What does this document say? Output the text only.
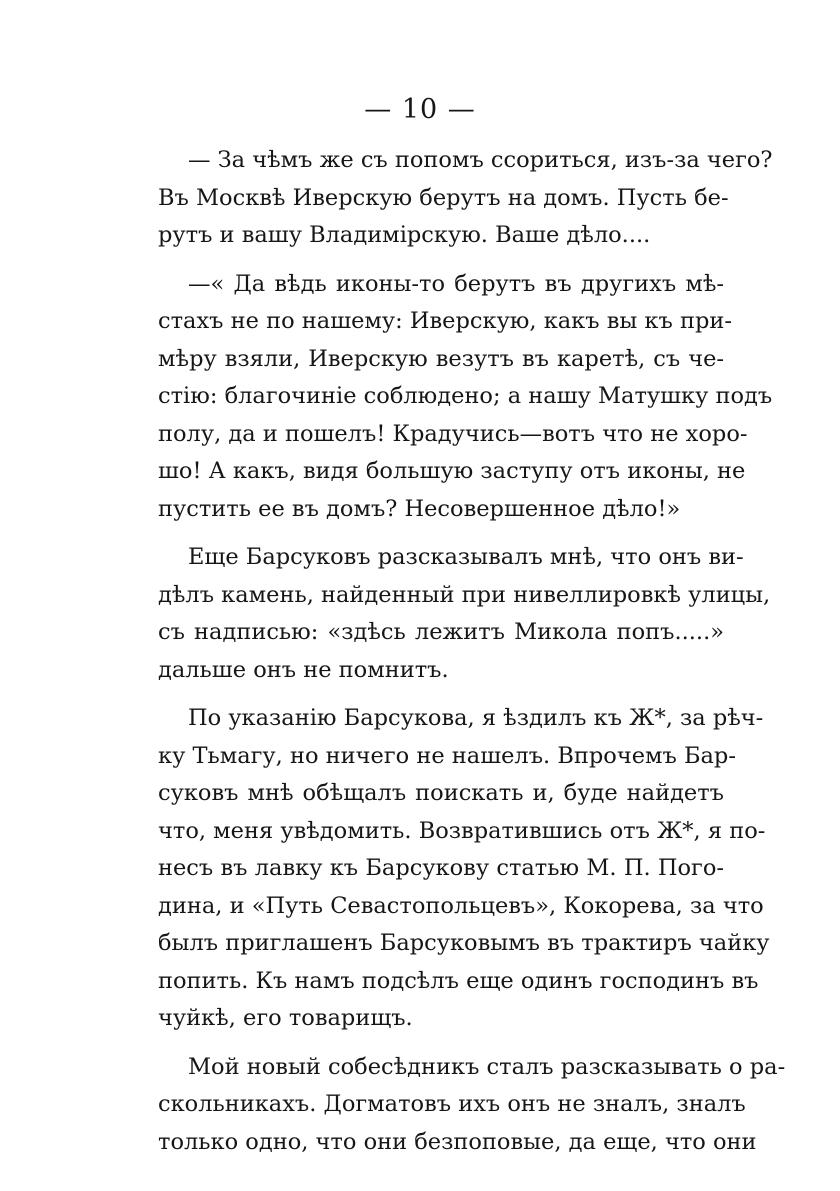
— 10 —
— За чѣмъ же съ попомъ ссориться, изъ-за чего?
Въ Москвѣ Иверскую берутъ на домъ. Пусть бе-
рутъ и вашу Владимірскую. Ваше дѣло....
—« Да вѣдь иконы-то берутъ въ другихъ мѣ-
стахъ не по нашему: Иверскую, какъ вы къ при-
мѣру взяли, Иверскую везутъ въ каретѣ, съ че-
стію: благочиніе соблюдено; а нашу Матушку подъ
полу, да и пошелъ! Крадучись—вотъ что не хоро-
шо! А какъ, видя большую заступу отъ иконы, не
пустить ее въ домъ? Несовершенное дѣло!»
Еще Барсуковъ разсказывалъ мнѣ, что онъ ви-
дѣлъ камень, найденный при нивеллировкѣ улицы,
съ надписью: «здѣсь лежитъ Микола попъ.....»
дальше онъ не помнитъ.
По указанію Барсукова, я ѣздилъ къ Ж*, за рѣч-
ку Тьмагу, но ничего не нашелъ. Впрочемъ Бар-
суковъ мнѣ обѣщалъ поискать и, буде найдетъ
что, меня увѣдомить. Возвратившись отъ Ж*, я по-
несъ въ лавку къ Барсукову статью М. П. Пого-
дина, и «Путь Севастопольцевъ», Кокорева, за что
былъ приглашенъ Барсуковымъ въ трактиръ чайку
попить. Къ намъ подсѣлъ еще одинъ господинъ въ
чуйкѣ, его товарищъ.
Мой новый собесѣдникъ сталъ разсказывать о ра-
скольникахъ. Догматовъ ихъ онъ не зналъ, зналъ
только одно, что они безпоповые, да еще, что они
